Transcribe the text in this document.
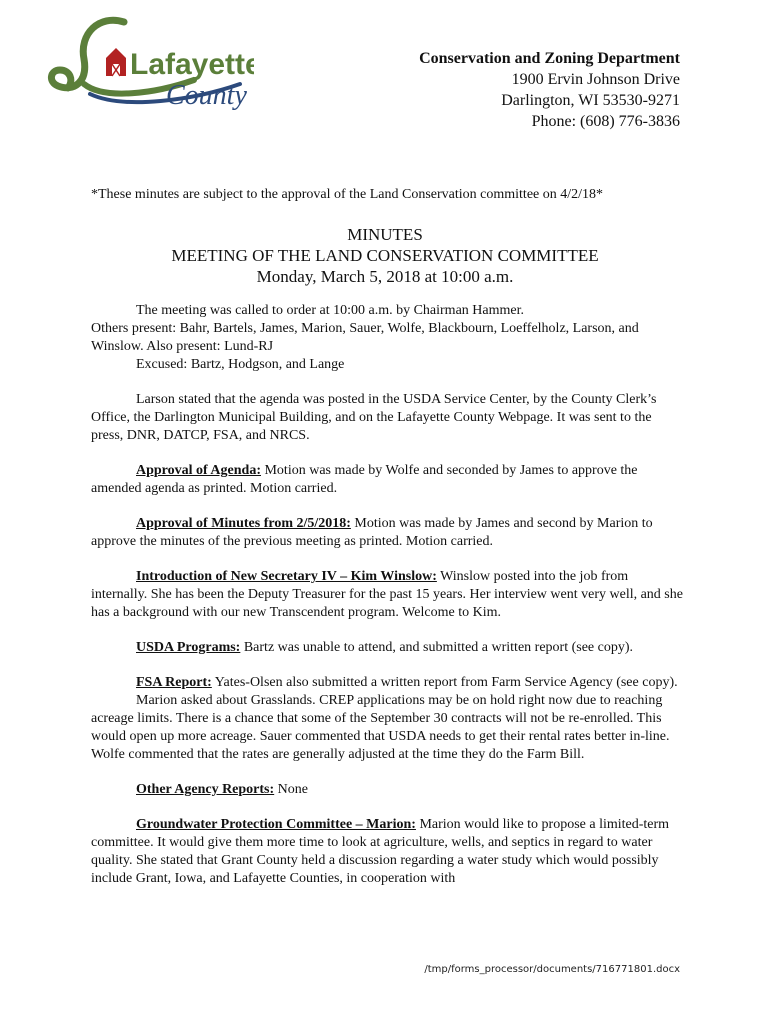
Lafayette
County
Conservation and Zoning Department
1900 Ervin Johnson Drive
Darlington, WI 53530-9271
Phone: (608) 776-3836
*These minutes are subject to the approval of the Land Conservation committee on 4/2/18*
MINUTES
MEETING OF THE LAND CONSERVATION COMMITTEE
Monday, March 5, 2018 at 10:00 a.m.

The meeting was called to order at 10:00 a.m. by Chairman Hammer.
Others present: Bahr, Bartels, James, Marion, Sauer, Wolfe, Blackbourn, Loeffelholz, Larson, and Winslow. Also present: Lund-RJ
Excused: Bartz, Hodgson, and Lange

Larson stated that the agenda was posted in the USDA Service Center, by the County Clerk’s Office, the Darlington Municipal Building, and on the Lafayette County Webpage. It was sent to the press, DNR, DATCP, FSA, and NRCS.

Approval of Agenda: Motion was made by Wolfe and seconded by James to approve the amended agenda as printed. Motion carried.

Approval of Minutes from 2/5/2018: Motion was made by James and second by Marion to approve the minutes of the previous meeting as printed. Motion carried.

Introduction of New Secretary IV – Kim Winslow: Winslow posted into the job from internally. She has been the Deputy Treasurer for the past 15 years. Her interview went very well, and she has a background with our new Transcendent program. Welcome to Kim.

USDA Programs: Bartz was unable to attend, and submitted a written report (see copy).

FSA Report: Yates-Olsen also submitted a written report from Farm Service Agency (see copy).

Marion asked about Grasslands. CREP applications may be on hold right now due to reaching acreage limits. There is a chance that some of the September 30 contracts will not be re-enrolled. This would open up more acreage. Sauer commented that USDA needs to get their rental rates better in-line. Wolfe commented that the rates are generally adjusted at the time they do the Farm Bill.

Other Agency Reports: None

Groundwater Protection Committee – Marion: Marion would like to propose a limited-term committee. It would give them more time to look at agriculture, wells, and septics in regard to water quality. She stated that Grant County held a discussion regarding a water study which would possibly include Grant, Iowa, and Lafayette Counties, in cooperation with

/tmp/forms_processor/documents/716771801.docx
